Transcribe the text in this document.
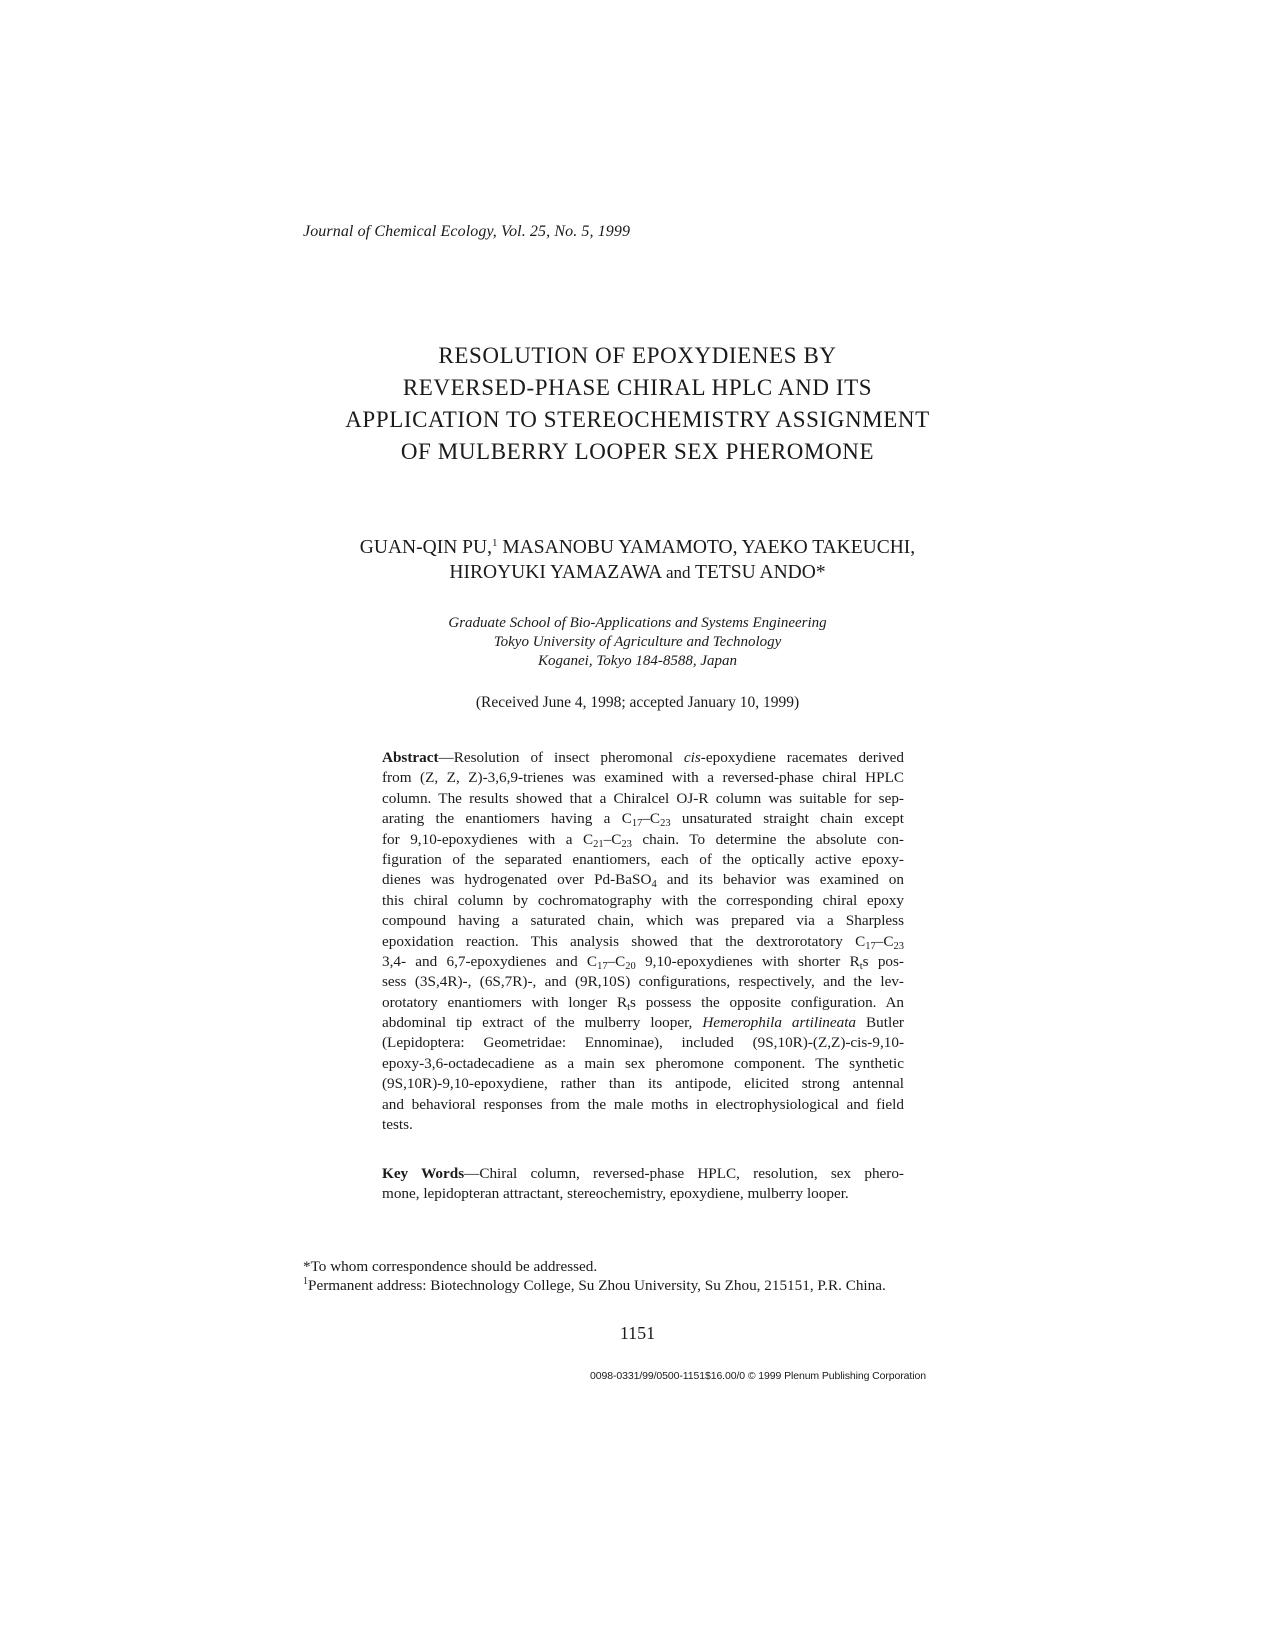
Journal of Chemical Ecology, Vol. 25, No. 5, 1999
RESOLUTION OF EPOXYDIENES BY
REVERSED-PHASE CHIRAL HPLC AND ITS
APPLICATION TO STEREOCHEMISTRY ASSIGNMENT
OF MULBERRY LOOPER SEX PHEROMONE
GUAN-QIN PU,$^1$ MASANOBU YAMAMOTO, YAEKO TAKEUCHI,
HIROYUKI YAMAZAWA and TETSU ANDO*
Graduate School of Bio-Applications and Systems Engineering
Tokyo University of Agriculture and Technology
Koganei, Tokyo 184-8588, Japan
(Received June 4, 1998; accepted January 10, 1999)
Abstract—Resolution of insect pheromonal cis-epoxydiene racemates derived
from (Z, Z, Z)-3,6,9-trienes was examined with a reversed-phase chiral HPLC
column. The results showed that a Chiralcel OJ-R column was suitable for sep-
arating the enantiomers having a $C_{17}-C_{23}$ unsaturated straight chain except
for 9,10-epoxydienes with a $C_{21}-C_{23}$ chain. To determine the absolute con-
figuration of the separated enantiomers, each of the optically active epoxy-
dienes was hydrogenated over Pd-BaSO$_4$ and its behavior was examined on
this chiral column by cochromatography with the corresponding chiral epoxy
compound having a saturated chain, which was prepared via a Sharpless
epoxidation reaction. This analysis showed that the dextrorotatory $C_{17}-C_{23}$
3,4- and 6,7-epoxydienes and $C_{17}-C_{20}$ 9,10-epoxydienes with shorter $R_ts$ pos-
sess (3S,4R)-, (6S,7R)-, and (9R,10S) configurations, respectively, and the lev-
orotatory enantiomers with longer $R_ts$ possess the opposite configuration. An
abdominal tip extract of the mulberry looper, Hemerophila artilineata Butler
(Lepidoptera: Geometridae: Ennominae), included (9S,10R)-(Z,Z)-cis-9,10-
epoxy-3,6-octadecadiene as a main sex pheromone component. The synthetic
(9S,10R)-9,10-epoxydiene, rather than its antipode, elicited strong antennal
and behavioral responses from the male moths in electrophysiological and field
tests.
Key Words—Chiral column, reversed-phase HPLC, resolution, sex phero-
mone, lepidopteran attractant, stereochemistry, epoxydiene, mulberry looper.
*To whom correspondence should be addressed.
$^1$Permanent address: Biotechnology College, Su Zhou University, Su Zhou, 215151, P.R. China.
1151
0098-0331/99/0500-1151$16.00/0 © 1999 Plenum Publishing Corporation
